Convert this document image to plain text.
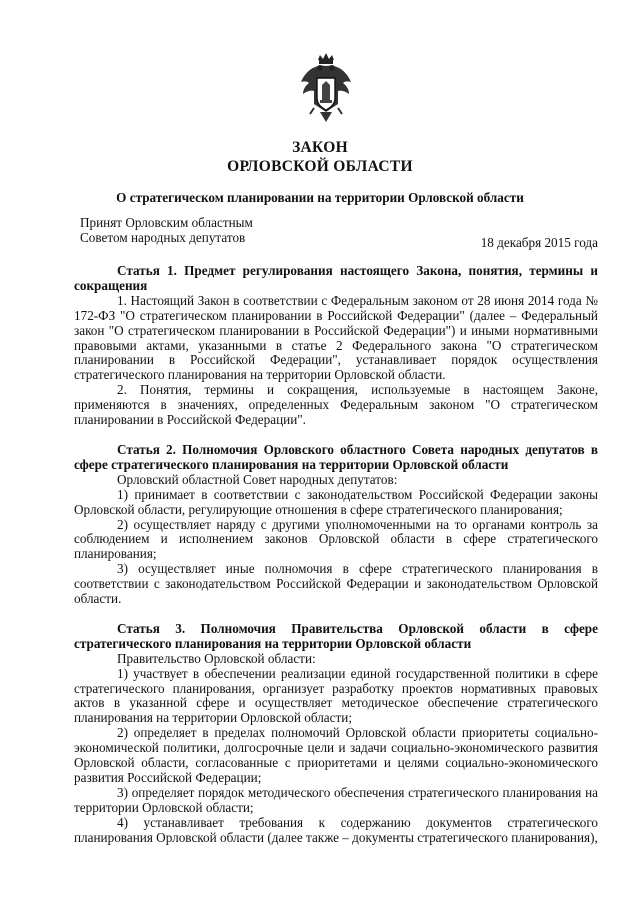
ЗАКОН
ОРЛОВСКОЙ ОБЛАСТИ
О стратегическом планировании на территории Орловской области
Принят Орловским областным
Советом народных депутатов	18 декабря 2015 года

Статья 1. Предмет регулирования настоящего Закона, понятия, термины и сокращения

1. Настоящий Закон в соответствии с Федеральным законом от 28 июня 2014 года № 172-ФЗ "О стратегическом планировании в Российской Федерации" (далее – Федеральный закон "О стратегическом планировании в Российской Федерации") и иными нормативными правовыми актами, указанными в статье 2 Федерального закона "О стратегическом планировании в Российской Федерации", устанавливает порядок осуществления стратегического планирования на территории Орловской области.

2. Понятия, термины и сокращения, используемые в настоящем Законе, применяются в значениях, определенных Федеральным законом "О стратегическом планировании в Российской Федерации".

Статья 2. Полномочия Орловского областного Совета народных депутатов в сфере стратегического планирования на территории Орловской области

Орловский областной Совет народных депутатов:

1) принимает в соответствии с законодательством Российской Федерации законы Орловской области, регулирующие отношения в сфере стратегического планирования;

2) осуществляет наряду с другими уполномоченными на то органами контроль за соблюдением и исполнением законов Орловской области в сфере стратегического планирования;

3) осуществляет иные полномочия в сфере стратегического планирования в соответствии с законодательством Российской Федерации и законодательством Орловской области.

Статья 3. Полномочия Правительства Орловской области в сфере стратегического планирования на территории Орловской области

Правительство Орловской области:

1) участвует в обеспечении реализации единой государственной политики в сфере стратегического планирования, организует разработку проектов нормативных правовых актов в указанной сфере и осуществляет методическое обеспечение стратегического планирования на территории Орловской области;

2) определяет в пределах полномочий Орловской области приоритеты социально-экономической политики, долгосрочные цели и задачи социально-экономического развития Орловской области, согласованные с приоритетами и целями социально-экономического развития Российской Федерации;

3) определяет порядок методического обеспечения стратегического планирования на территории Орловской области;

4) устанавливает требования к содержанию документов стратегического планирования Орловской области (далее также – документы стратегического планирования),
